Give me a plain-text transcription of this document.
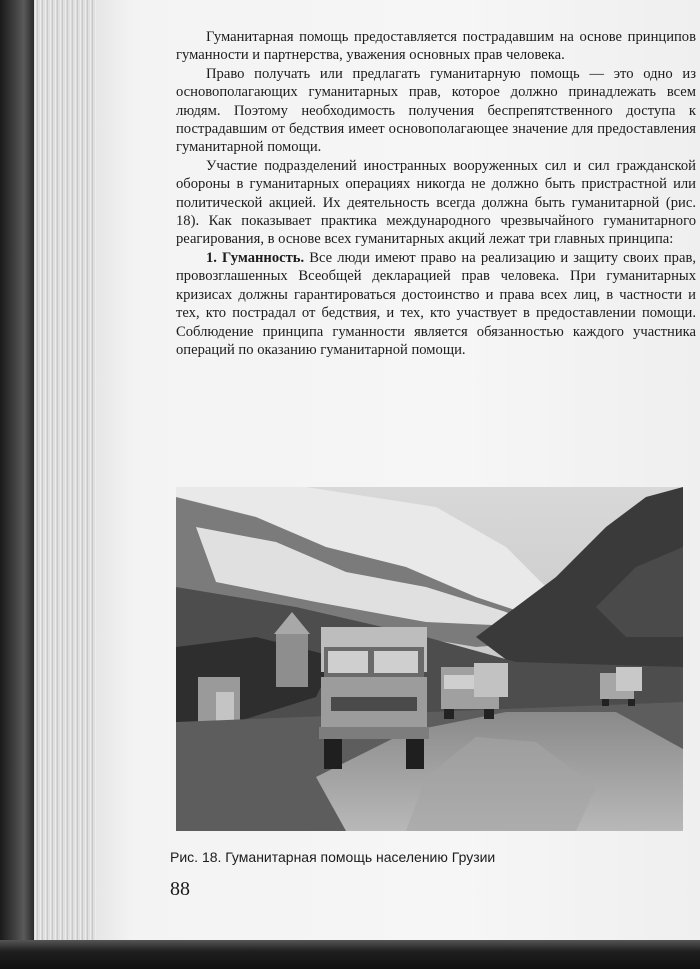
Гуманитарная помощь предоставляется пострадавшим на основе принципов гуманности и партнерства, уважения основных прав человека.

Право получать или предлагать гуманитарную помощь — это одно из основополагающих гуманитарных прав, которое должно принадлежать всем людям. Поэтому необходимость получения беспрепятственного доступа к пострадавшим от бедствия имеет основополагающее значение для предоставления гуманитарной помощи.

Участие подразделений иностранных вооруженных сил и сил гражданской обороны в гуманитарных операциях никогда не должно быть пристрастной или политической акцией. Их деятельность всегда должна быть гуманитарной (рис. 18). Как показывает практика международного чрезвычайного гуманитарного реагирования, в основе всех гуманитарных акций лежат три главных принципа:

1. Гуманность. Все люди имеют право на реализацию и защиту своих прав, провозглашенных Всеобщей декларацией прав человека. При гуманитарных кризисах должны гарантироваться достоинство и права всех лиц, в частности и тех, кто пострадал от бедствия, и тех, кто участвует в предоставлении помощи. Соблюдение принципа гуманности является обязанностью каждого участника операций по оказанию гуманитарной помощи.

Рис. 18. Гуманитарная помощь населению Грузии
88
